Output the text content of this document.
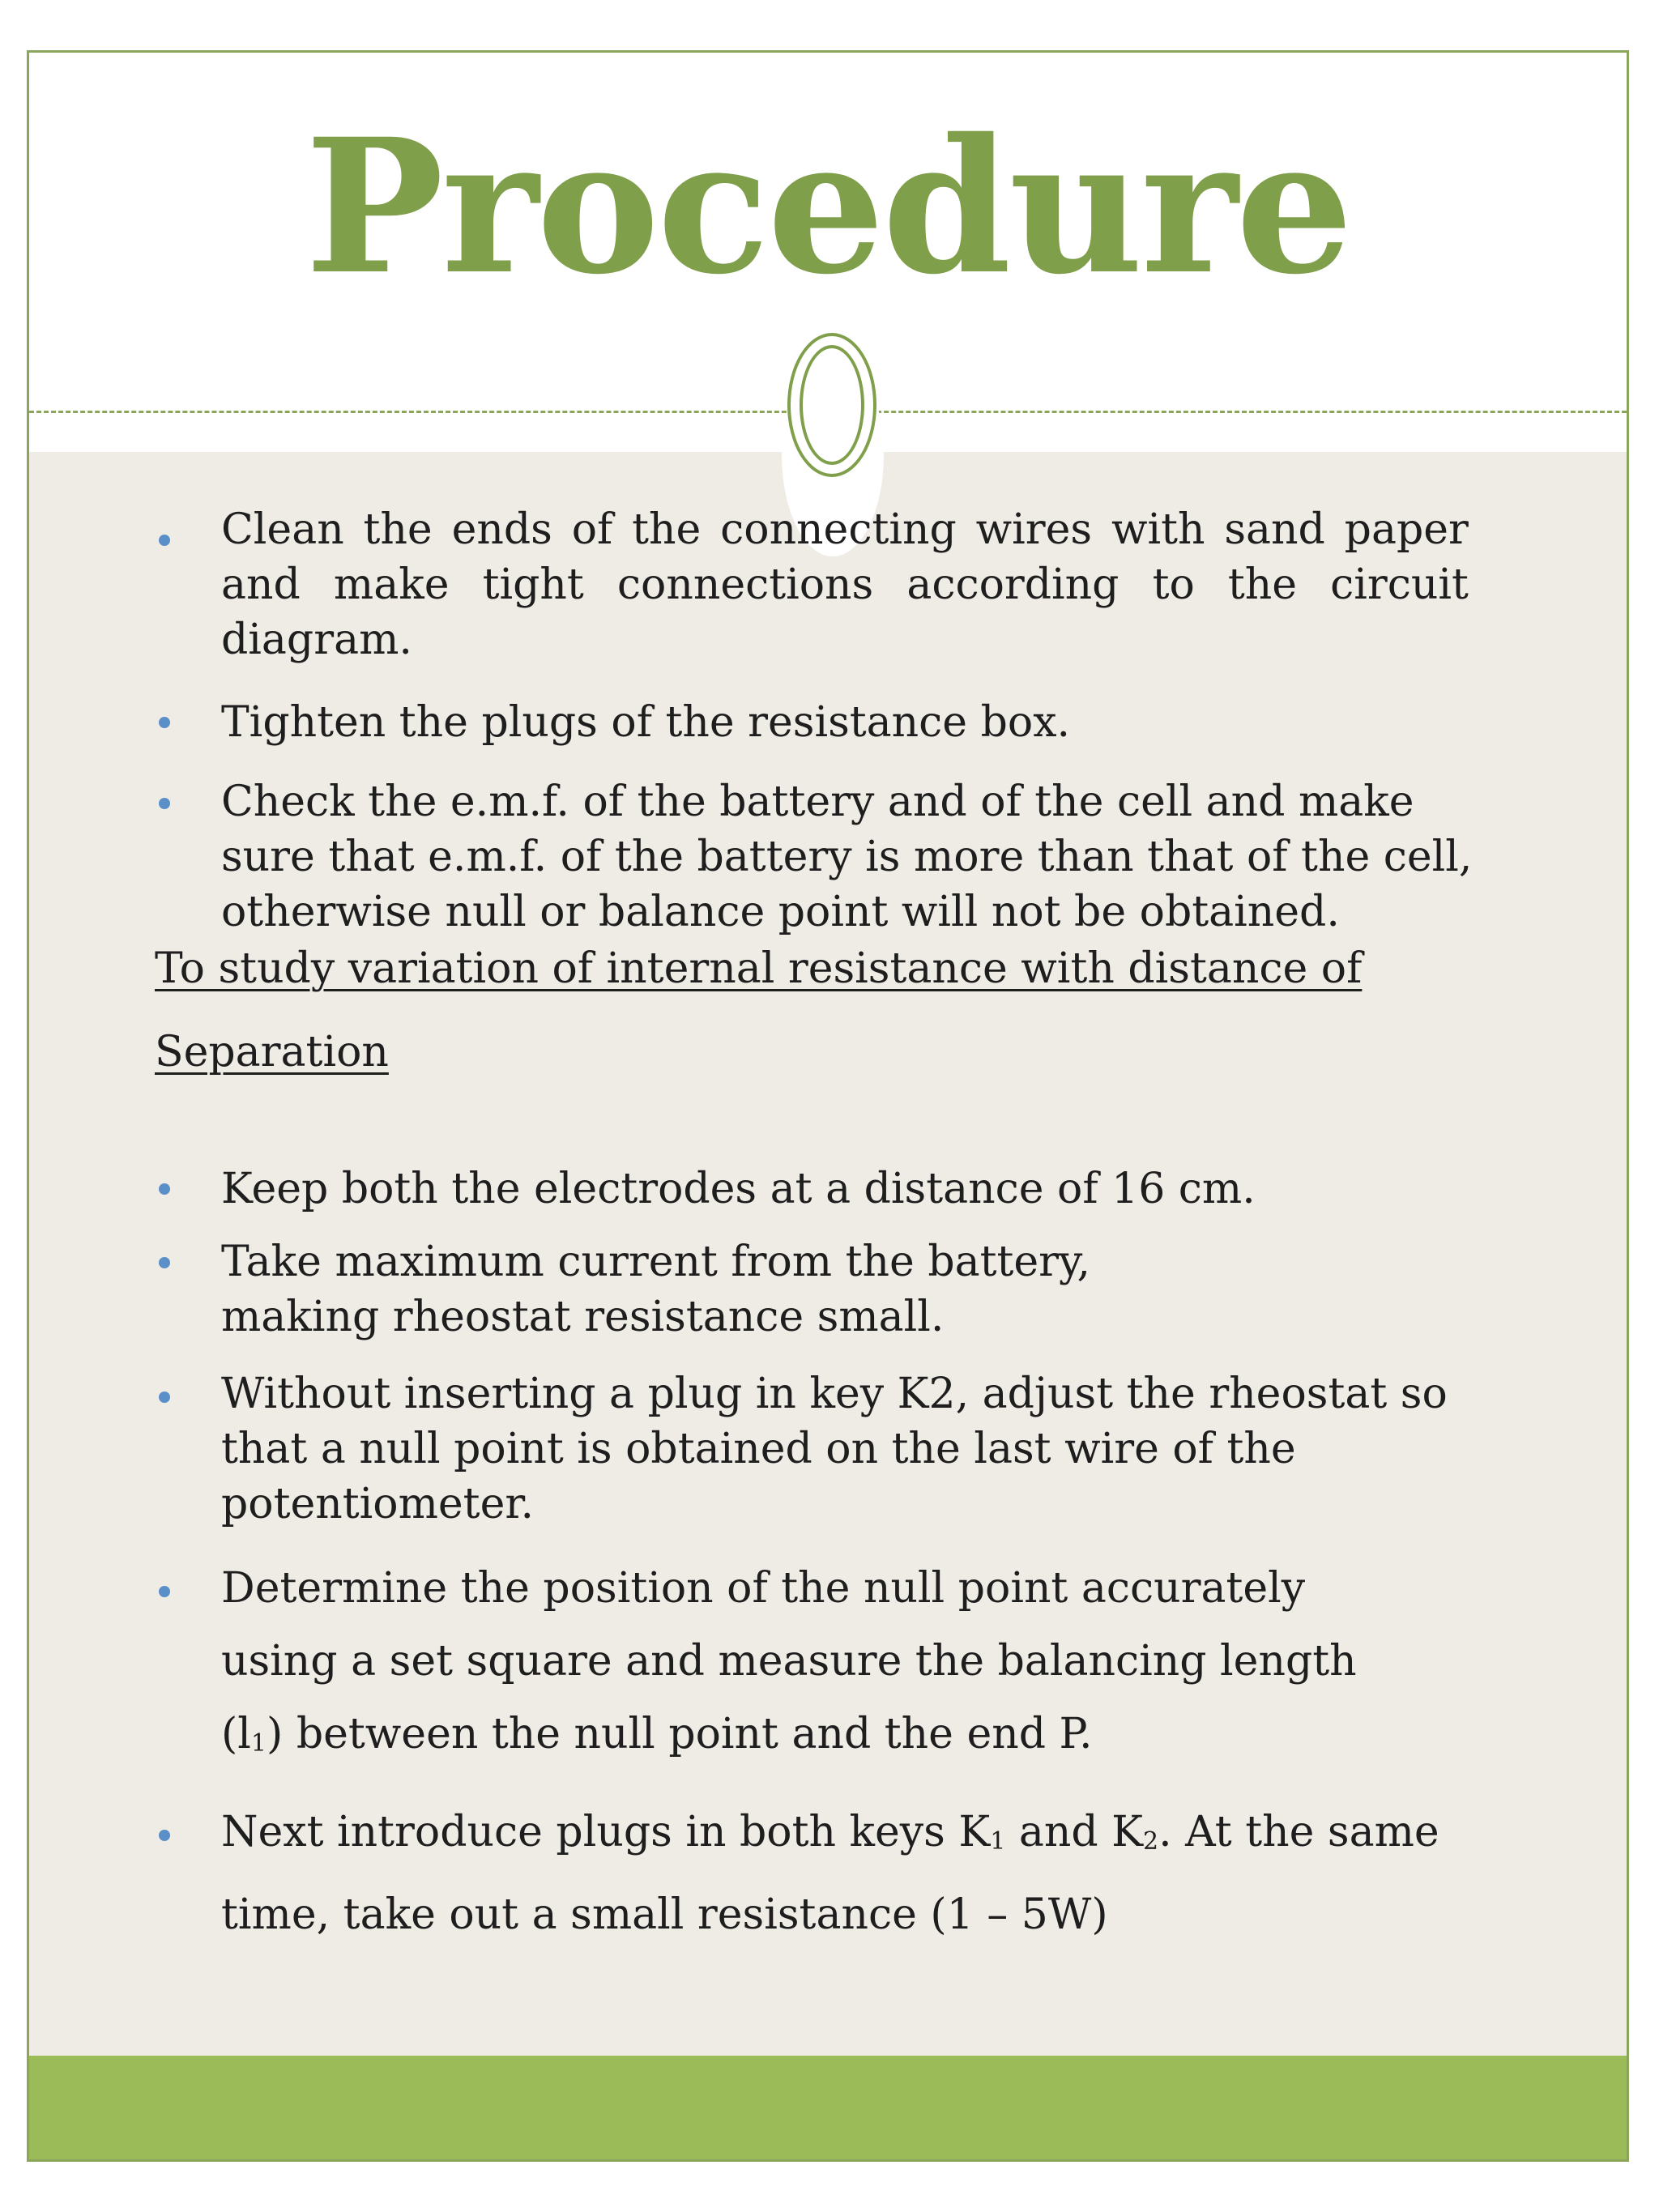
Procedure
Clean the ends of the connecting wires with sand paper
and make tight connections according to the circuit
diagram.
Tighten the plugs of the resistance box.
Check the e.m.f. of the battery and of the cell and make
sure that e.m.f. of the battery is more than that of the cell,
otherwise null or balance point will not be obtained.
To study variation of internal resistance with distance of
Separation
Keep both the electrodes at a distance of 16 cm.
Take maximum current from the battery,
making rheostat resistance small.
Without inserting a plug in key K2, adjust the rheostat so
that a null point is obtained on the last wire of the
potentiometer.
Determine the position of the null point accurately
using a set square and measure the balancing length
$(l_1)$ between the null point and the end P.
Next introduce plugs in both keys $K_1$ and $K_2$. At the same
time, take out a small resistance (1 – 5W)
